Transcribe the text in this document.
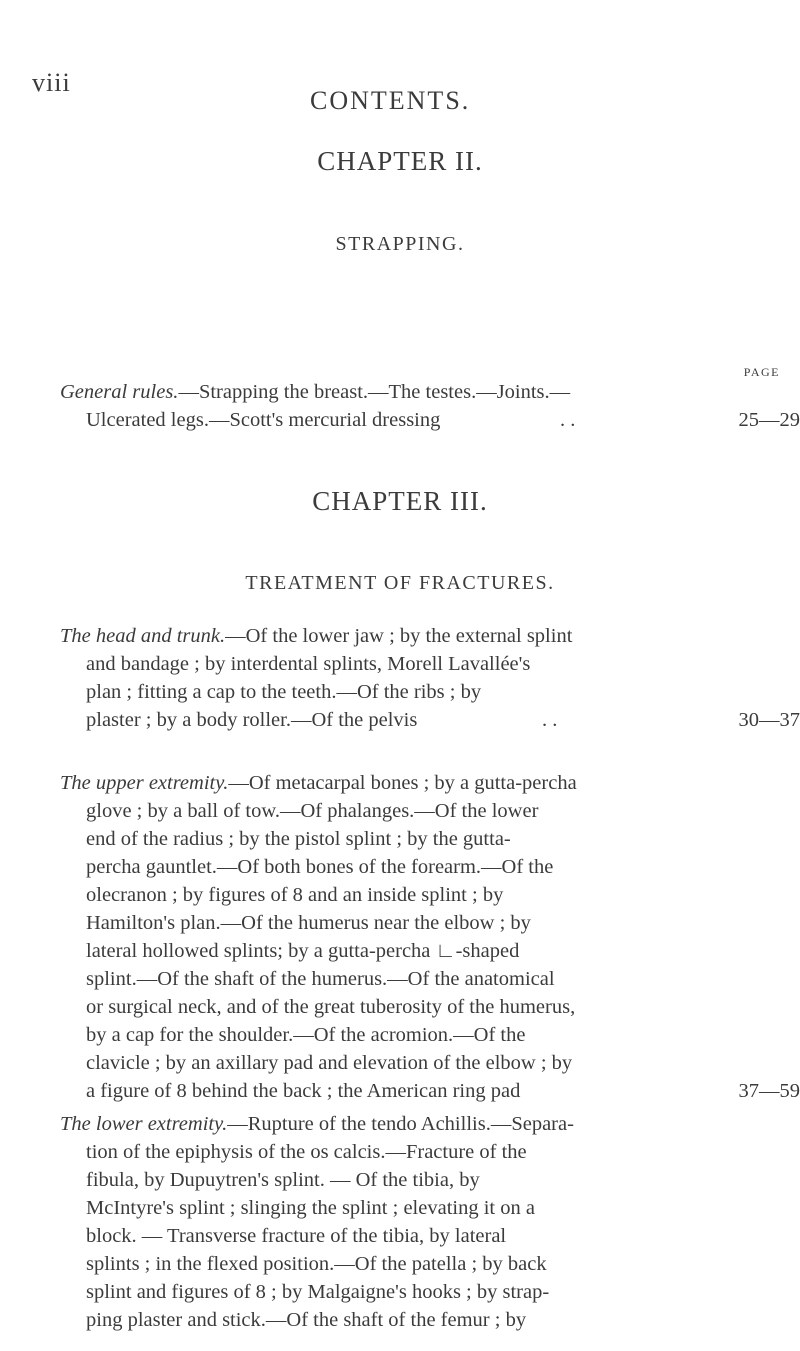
viii
CONTENTS.
CHAPTER II.
STRAPPING.
PAGE
General rules.—Strapping the breast.—The testes.—Joints.—
Ulcerated legs.—Scott's mercurial dressing	. .	25—29
CHAPTER III.
TREATMENT OF FRACTURES.
The head and trunk.—Of the lower jaw ; by the external splint
and bandage ; by interdental splints, Morell Lavallée's
plan ; fitting a cap to the teeth.—Of the ribs ; by
plaster ; by a body roller.—Of the pelvis	. .	30—37
The upper extremity.—Of metacarpal bones ; by a gutta-percha
glove ; by a ball of tow.—Of phalanges.—Of the lower
end of the radius ; by the pistol splint ; by the gutta-
percha gauntlet.—Of both bones of the forearm.—Of the
olecranon ; by figures of 8 and an inside splint ; by
Hamilton's plan.—Of the humerus near the elbow ; by
lateral hollowed splints; by a gutta-percha ∟-shaped
splint.—Of the shaft of the humerus.—Of the anatomical
or surgical neck, and of the great tuberosity of the humerus,
by a cap for the shoulder.—Of the acromion.—Of the
clavicle ; by an axillary pad and elevation of the elbow ; by
a figure of 8 behind the back ; the American ring pad	37—59
The lower extremity.—Rupture of the tendo Achillis.—Separa-
tion of the epiphysis of the os calcis.—Fracture of the
fibula, by Dupuytren's splint. — Of the tibia, by
McIntyre's splint ; slinging the splint ; elevating it on a
block. — Transverse fracture of the tibia, by lateral
splints ; in the flexed position.—Of the patella ; by back
splint and figures of 8 ; by Malgaigne's hooks ; by strap-
ping plaster and stick.—Of the shaft of the femur ; by
